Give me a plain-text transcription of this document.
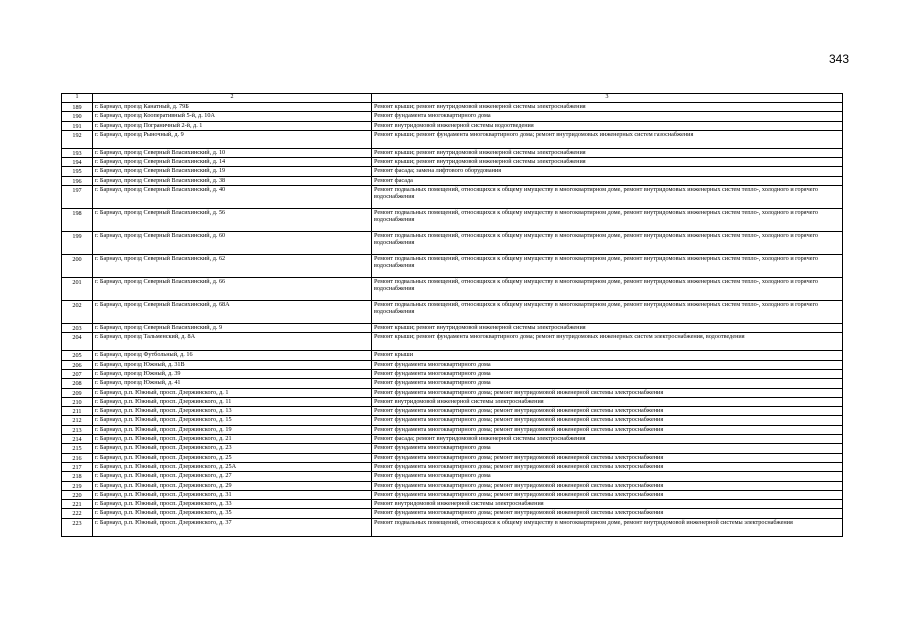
343
1	2	3
189	г. Барнаул, проезд Канатный, д. 79Б	Ремонт крыши; ремонт внутридомовой инженерной системы электроснабжения
190	г. Барнаул, проезд Кооперативный 5-й, д. 10А	Ремонт фундамента многоквартирного дома
191	г. Барнаул, проезд Пограничный 2-й, д. 1	Ремонт внутридомовой инженерной системы водоотведения
192	г. Барнаул, проезд Рыночный, д. 9	Ремонт крыши; ремонт фундамента многоквартирного дома; ремонт внутридомовых инженерных систем газоснабжения
193	г. Барнаул, проезд Северный Власихинский, д. 10	Ремонт крыши; ремонт внутридомовой инженерной системы электроснабжения
194	г. Барнаул, проезд Северный Власихинский, д. 14	Ремонт крыши; ремонт внутридомовой инженерной системы электроснабжения
195	г. Барнаул, проезд Северный Власихинский, д. 19	Ремонт фасада; замена лифтового оборудования
196	г. Барнаул, проезд Северный Власихинский, д. 38	Ремонт фасада
197	г. Барнаул, проезд Северный Власихинский, д. 40	Ремонт подвальных помещений, относящихся к общему имуществу в многоквартирном доме, ремонт внутридомовых инженерных систем тепло-, холодного и горячего водоснабжения
198	г. Барнаул, проезд Северный Власихинский, д. 56	Ремонт подвальных помещений, относящихся к общему имуществу в многоквартирном доме, ремонт внутридомовых инженерных систем тепло-, холодного и горячего водоснабжения
199	г. Барнаул, проезд Северный Власихинский, д. 60	Ремонт подвальных помещений, относящихся к общему имуществу в многоквартирном доме, ремонт внутридомовых инженерных систем тепло-, холодного и горячего водоснабжения
200	г. Барнаул, проезд Северный Власихинский, д. 62	Ремонт подвальных помещений, относящихся к общему имуществу в многоквартирном доме, ремонт внутридомовых инженерных систем тепло-, холодного и горячего водоснабжения
201	г. Барнаул, проезд Северный Власихинский, д. 66	Ремонт подвальных помещений, относящихся к общему имуществу в многоквартирном доме, ремонт внутридомовых инженерных систем тепло-, холодного и горячего водоснабжения
202	г. Барнаул, проезд Северный Власихинский, д. 68А	Ремонт подвальных помещений, относящихся к общему имуществу в многоквартирном доме, ремонт внутридомовых инженерных систем тепло-, холодного и горячего водоснабжения
203	г. Барнаул, проезд Северный Власихинский, д. 9	Ремонт крыши; ремонт внутридомовой инженерной системы электроснабжения
204	г. Барнаул, проезд Тальменский, д. 8А	Ремонт крыши; ремонт фундамента многоквартирного дома; ремонт внутридомовых инженерных систем электроснабжения, водоотведения
205	г. Барнаул, проезд Футбольный, д. 16	Ремонт крыши
206	г. Барнаул, проезд Южный, д. 31В	Ремонт фундамента многоквартирного дома
207	г. Барнаул, проезд Южный, д. 39	Ремонт фундамента многоквартирного дома
208	г. Барнаул, проезд Южный, д. 41	Ремонт фундамента многоквартирного дома
209	г. Барнаул, р.п. Южный, просп. Дзержинского, д. 1	Ремонт фундамента многоквартирного дома; ремонт внутридомовой инженерной системы электроснабжения
210	г. Барнаул, р.п. Южный, просп. Дзержинского, д. 11	Ремонт внутридомовой инженерной системы электроснабжения
211	г. Барнаул, р.п. Южный, просп. Дзержинского, д. 13	Ремонт фундамента многоквартирного дома; ремонт внутридомовой инженерной системы электроснабжения
212	г. Барнаул, р.п. Южный, просп. Дзержинского, д. 15	Ремонт фундамента многоквартирного дома; ремонт внутридомовой инженерной системы электроснабжения
213	г. Барнаул, р.п. Южный, просп. Дзержинского, д. 19	Ремонт фундамента многоквартирного дома; ремонт внутридомовой инженерной системы электроснабжения
214	г. Барнаул, р.п. Южный, просп. Дзержинского, д. 21	Ремонт фасада; ремонт внутридомовой инженерной системы электроснабжения
215	г. Барнаул, р.п. Южный, просп. Дзержинского, д. 23	Ремонт фундамента многоквартирного дома
216	г. Барнаул, р.п. Южный, просп. Дзержинского, д. 25	Ремонт фундамента многоквартирного дома; ремонт внутридомовой инженерной системы электроснабжения
217	г. Барнаул, р.п. Южный, просп. Дзержинского, д. 25А	Ремонт фундамента многоквартирного дома; ремонт внутридомовой инженерной системы электроснабжения
218	г. Барнаул, р.п. Южный, просп. Дзержинского, д. 27	Ремонт фундамента многоквартирного дома
219	г. Барнаул, р.п. Южный, просп. Дзержинского, д. 29	Ремонт фундамента многоквартирного дома; ремонт внутридомовой инженерной системы электроснабжения
220	г. Барнаул, р.п. Южный, просп. Дзержинского, д. 31	Ремонт фундамента многоквартирного дома; ремонт внутридомовой инженерной системы электроснабжения
221	г. Барнаул, р.п. Южный, просп. Дзержинского, д. 33	Ремонт внутридомовой инженерной системы электроснабжения
222	г. Барнаул, р.п. Южный, просп. Дзержинского, д. 35	Ремонт фундамента многоквартирного дома; ремонт внутридомовой инженерной системы электроснабжения
223	г. Барнаул, р.п. Южный, просп. Дзержинского, д. 37	Ремонт подвальных помещений, относящихся к общему имуществу в многоквартирном доме, ремонт внутридомовой инженерной системы электроснабжения
